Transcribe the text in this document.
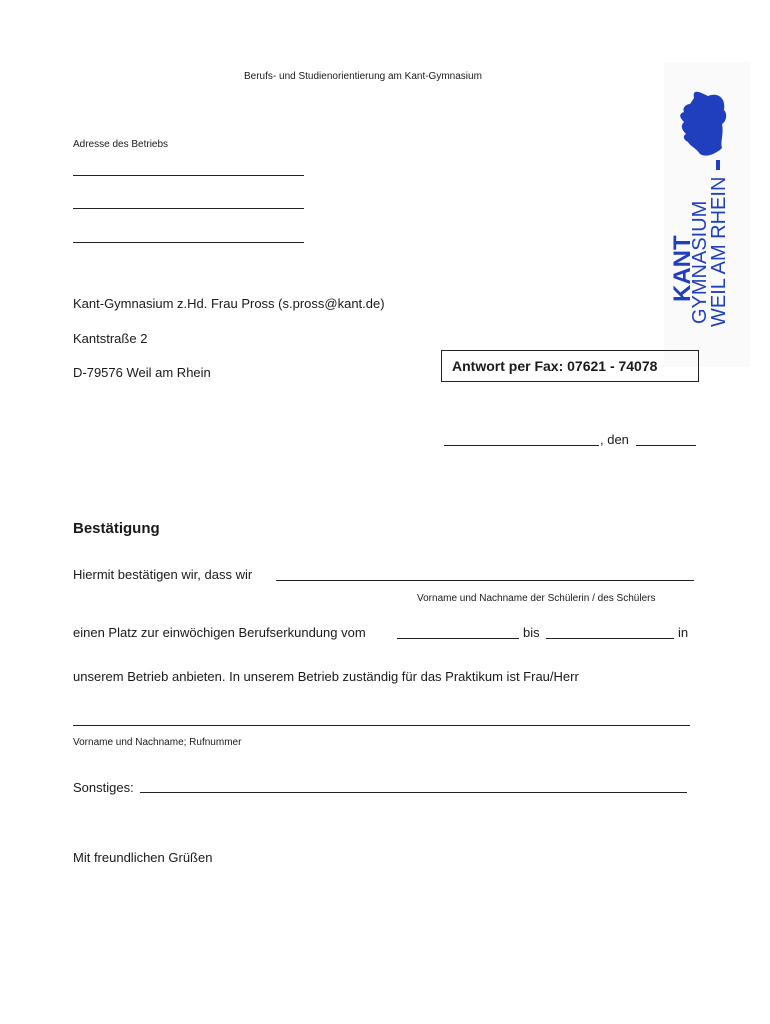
Berufs- und Studienorientierung am Kant-Gymnasium
KANT
GYMNASIUM
WEIL AM RHEIN
Adresse des Betriebs
Kant-Gymnasium z.Hd. Frau Pross (s.pross@kant.de)
Kantstraße 2
D-79576 Weil am Rhein	Antwort per Fax: 07621 - 74078
, den
Bestätigung
Hiermit bestätigen wir, dass wir
Vorname und Nachname der Schülerin / des Schülers
einen Platz zur einwöchigen Berufserkundung vom	bis	in
unserem Betrieb anbieten. In unserem Betrieb zuständig für das Praktikum ist Frau/Herr
Vorname und Nachname; Rufnummer
Sonstiges:
Mit freundlichen Grüßen
